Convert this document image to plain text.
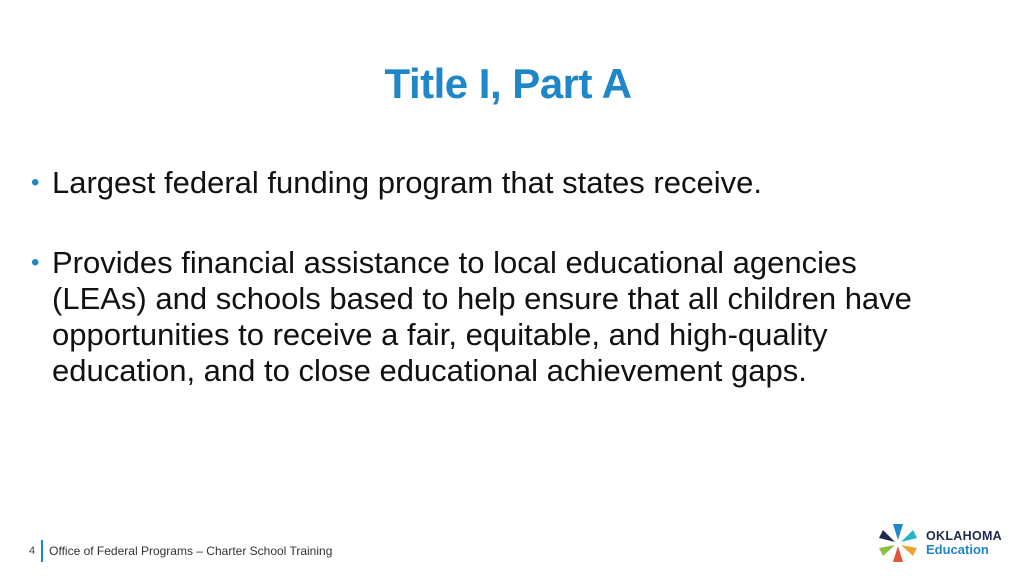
Title I, Part A
• Largest federal funding program that states receive.
• Provides financial assistance to local educational agencies (LEAs) and schools based to help ensure that all children have opportunities to receive a fair, equitable, and high-quality education, and to close educational achievement gaps.
4 Office of Federal Programs – Charter School Training
OKLAHOMA
Education
